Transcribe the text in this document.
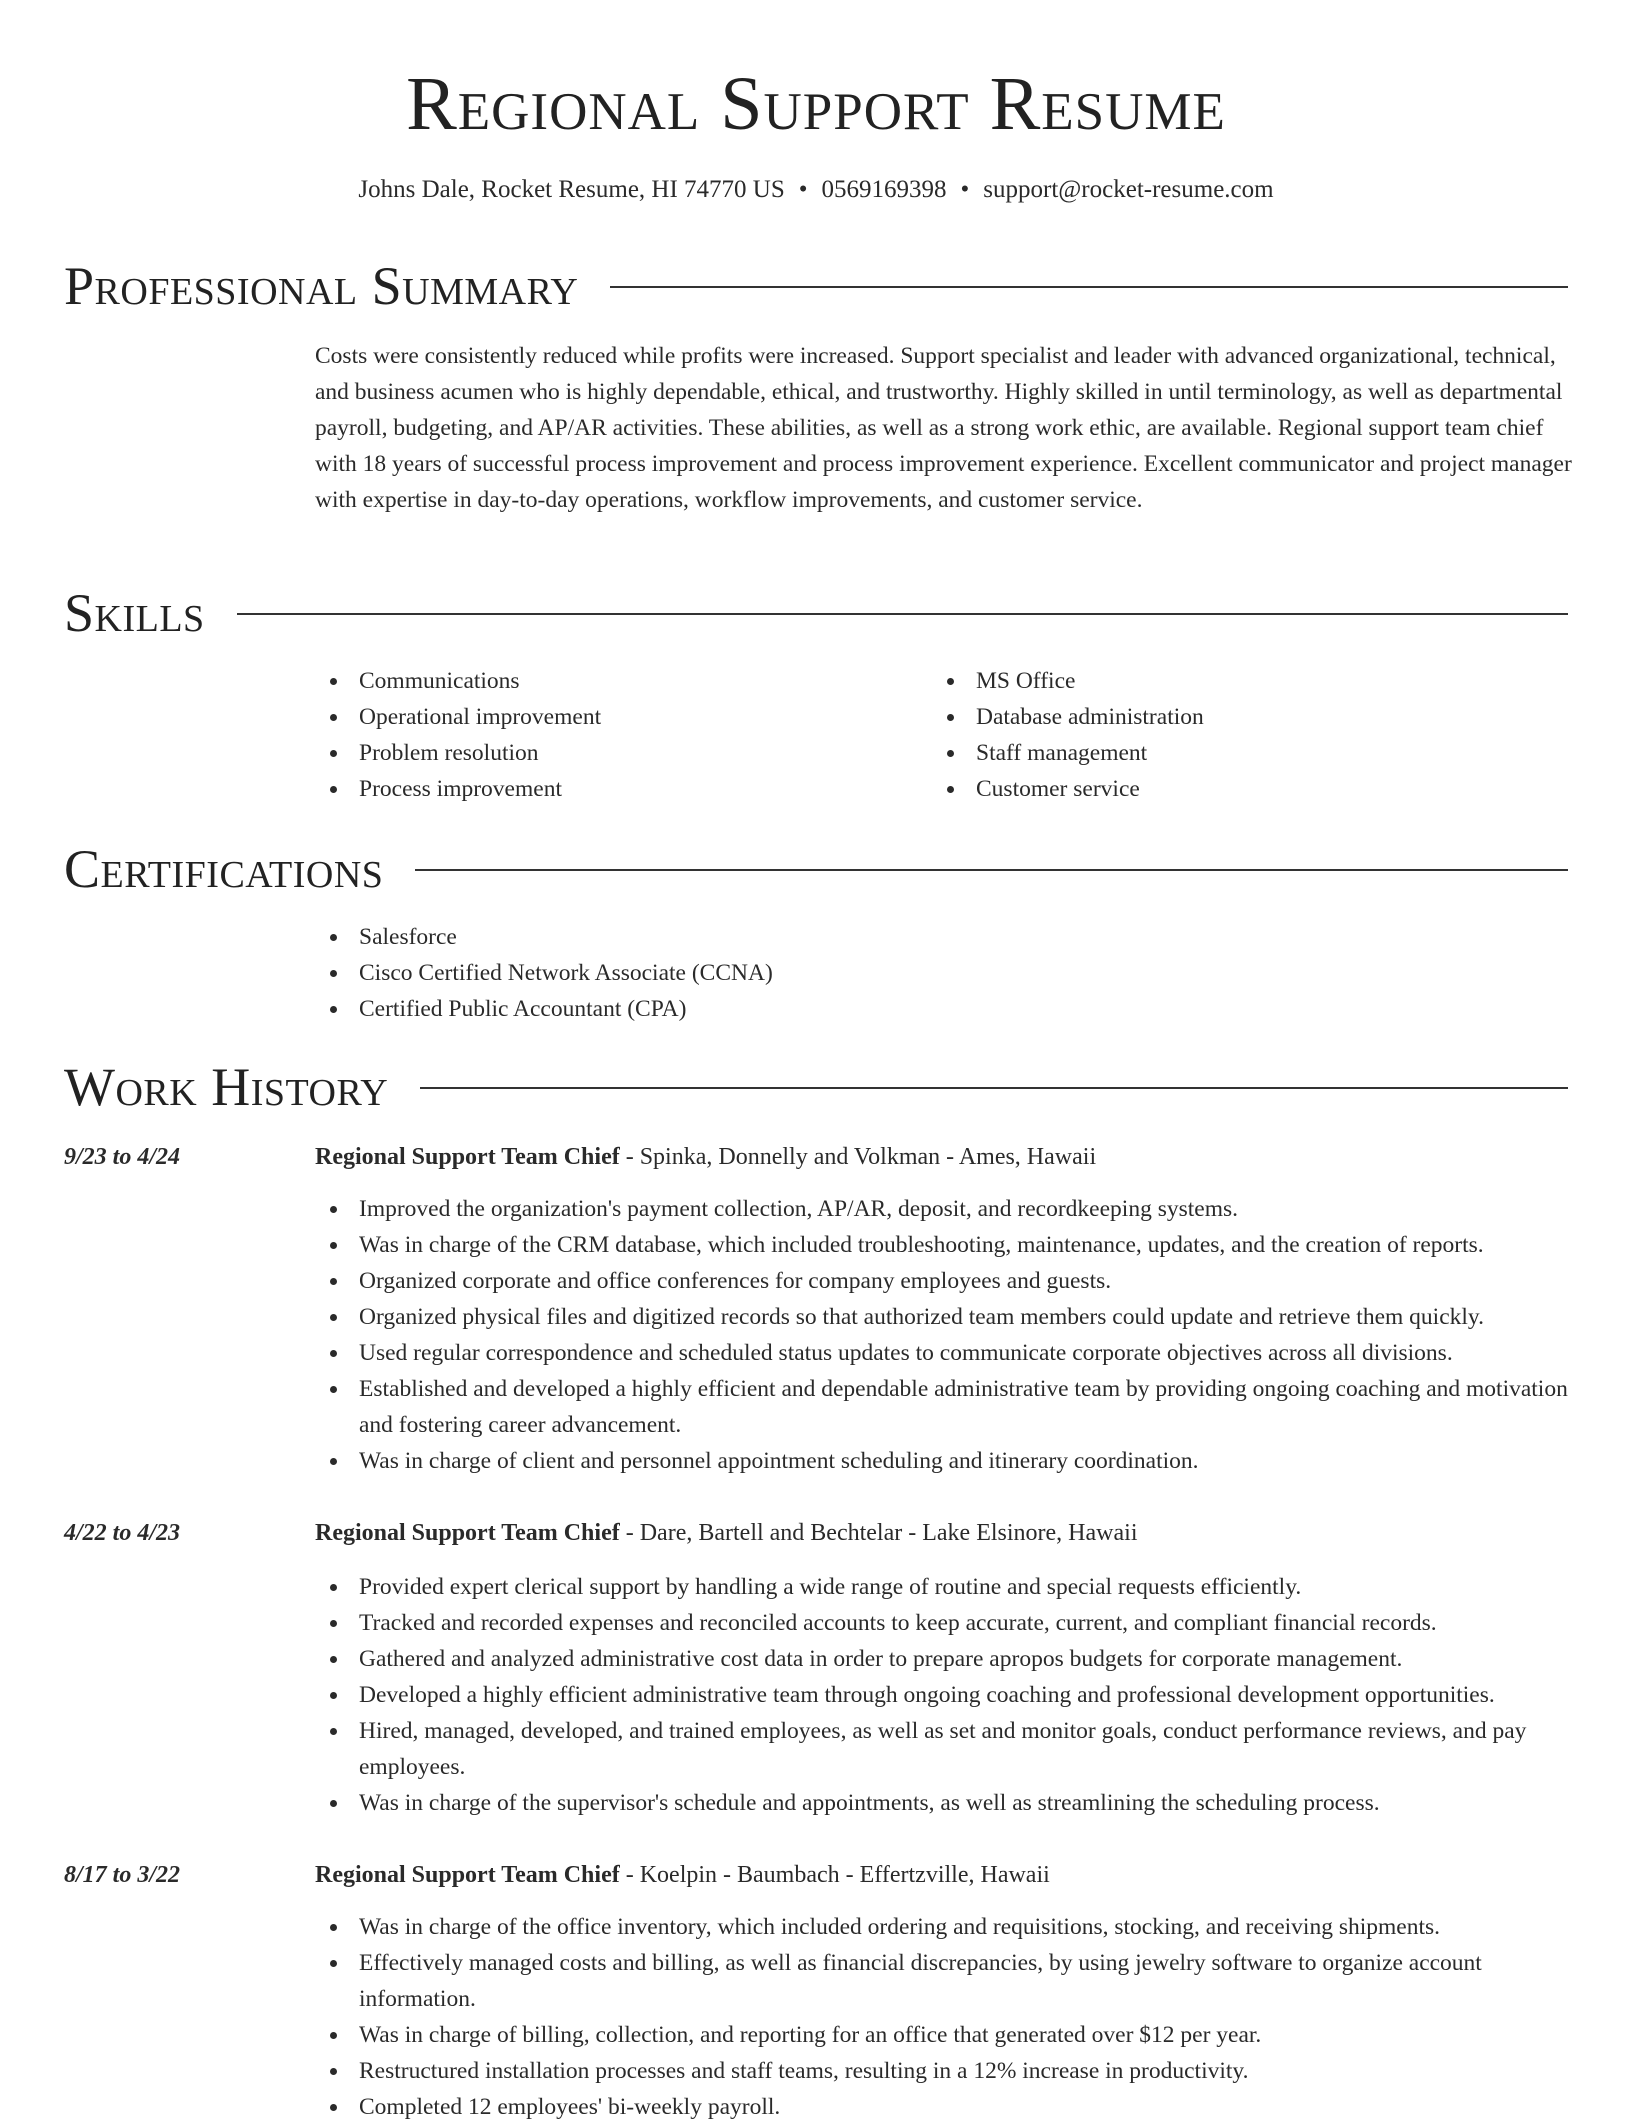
Regional Support Resume
Johns Dale, Rocket Resume, HI 74770 US • 0569169398 • support@rocket-resume.com
Professional Summary

Costs were consistently reduced while profits were increased. Support specialist and leader with advanced organizational, technical, and business acumen who is highly dependable, ethical, and trustworthy. Highly skilled in until terminology, as well as departmental payroll, budgeting, and AP/AR activities. These abilities, as well as a strong work ethic, are available. Regional support team chief with 18 years of successful process improvement and process improvement experience. Excellent communicator and project manager with expertise in day-to-day operations, workflow improvements, and customer service.

Skills
Communications
Operational improvement
Problem resolution
Process improvement
MS Office
Database administration
Staff management
Customer service
Certifications
Salesforce
Cisco Certified Network Associate (CCNA)
Certified Public Accountant (CPA)
Work History
9/23 to 4/24	Regional Support Team Chief - Spinka, Donnelly and Volkman - Ames, Hawaii
Improved the organization's payment collection, AP/AR, deposit, and recordkeeping systems.
Was in charge of the CRM database, which included troubleshooting, maintenance, updates, and the creation of reports.
Organized corporate and office conferences for company employees and guests.
Organized physical files and digitized records so that authorized team members could update and retrieve them quickly.
Used regular correspondence and scheduled status updates to communicate corporate objectives across all divisions.
Established and developed a highly efficient and dependable administrative team by providing ongoing coaching and motivation and fostering career advancement.
Was in charge of client and personnel appointment scheduling and itinerary coordination.
4/22 to 4/23	Regional Support Team Chief - Dare, Bartell and Bechtelar - Lake Elsinore, Hawaii
Provided expert clerical support by handling a wide range of routine and special requests efficiently.
Tracked and recorded expenses and reconciled accounts to keep accurate, current, and compliant financial records.
Gathered and analyzed administrative cost data in order to prepare apropos budgets for corporate management.
Developed a highly efficient administrative team through ongoing coaching and professional development opportunities.
Hired, managed, developed, and trained employees, as well as set and monitor goals, conduct performance reviews, and pay employees.
Was in charge of the supervisor's schedule and appointments, as well as streamlining the scheduling process.
8/17 to 3/22	Regional Support Team Chief - Koelpin - Baumbach - Effertzville, Hawaii
Was in charge of the office inventory, which included ordering and requisitions, stocking, and receiving shipments.
Effectively managed costs and billing, as well as financial discrepancies, by using jewelry software to organize account information.
Was in charge of billing, collection, and reporting for an office that generated over $12 per year.
Restructured installation processes and staff teams, resulting in a 12% increase in productivity.
Completed 12 employees' bi-weekly payroll.
